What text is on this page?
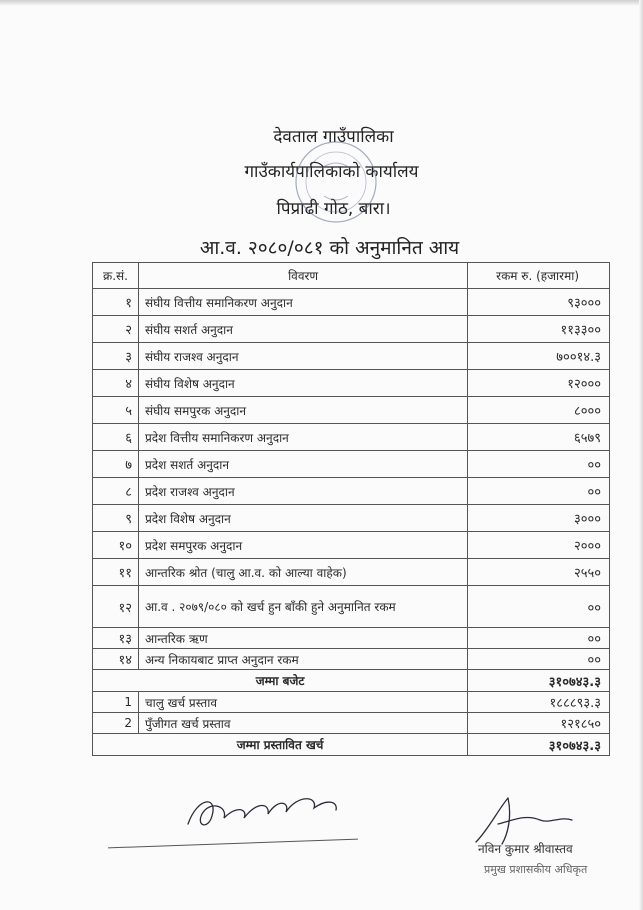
देवताल गाउँपालिका
गाउँकार्यपालिकाको कार्यालय
पिप्राढी गोठ, बारा।
आ.व. २०८०/०८१ को अनुमानित आय
क्र.सं.	विवरण	रकम रु. (हजारमा)
१	संघीय वित्तीय समानिकरण अनुदान	९३०००
२	संघीय सशर्त अनुदान	११३३००
३	संघीय राजश्व अनुदान	७००१४.३
४	संघीय विशेष अनुदान	१२०००
५	संघीय समपुरक अनुदान	८०००
६	प्रदेश वित्तीय समानिकरण अनुदान	६५७९
७	प्रदेश सशर्त अनुदान	००
८	प्रदेश राजश्व अनुदान	००
९	प्रदेश विशेष अनुदान	३०००
१०	प्रदेश समपुरक अनुदान	२०००
११	आन्तरिक श्रोत (चालु आ.व. को आल्या वाहेक)	२५५०
१२	आ.व . २०७९/०८० को खर्च हुन बाँकी हुने अनुमानित रकम	००
१३	आन्तरिक ऋण	००
१४	अन्य निकायबाट प्राप्त अनुदान रकम	००
जम्मा बजेट		३१०७४३.३
1	चालु खर्च प्रस्ताव	१८८८९३.३
2	पुँजीगत खर्च प्रस्ताव	१२१८५०
जम्मा प्रस्तावित खर्च		३१०७४३.३
नविन कुमार श्रीवास्तव
प्रमुख प्रशासकीय अधिकृत
